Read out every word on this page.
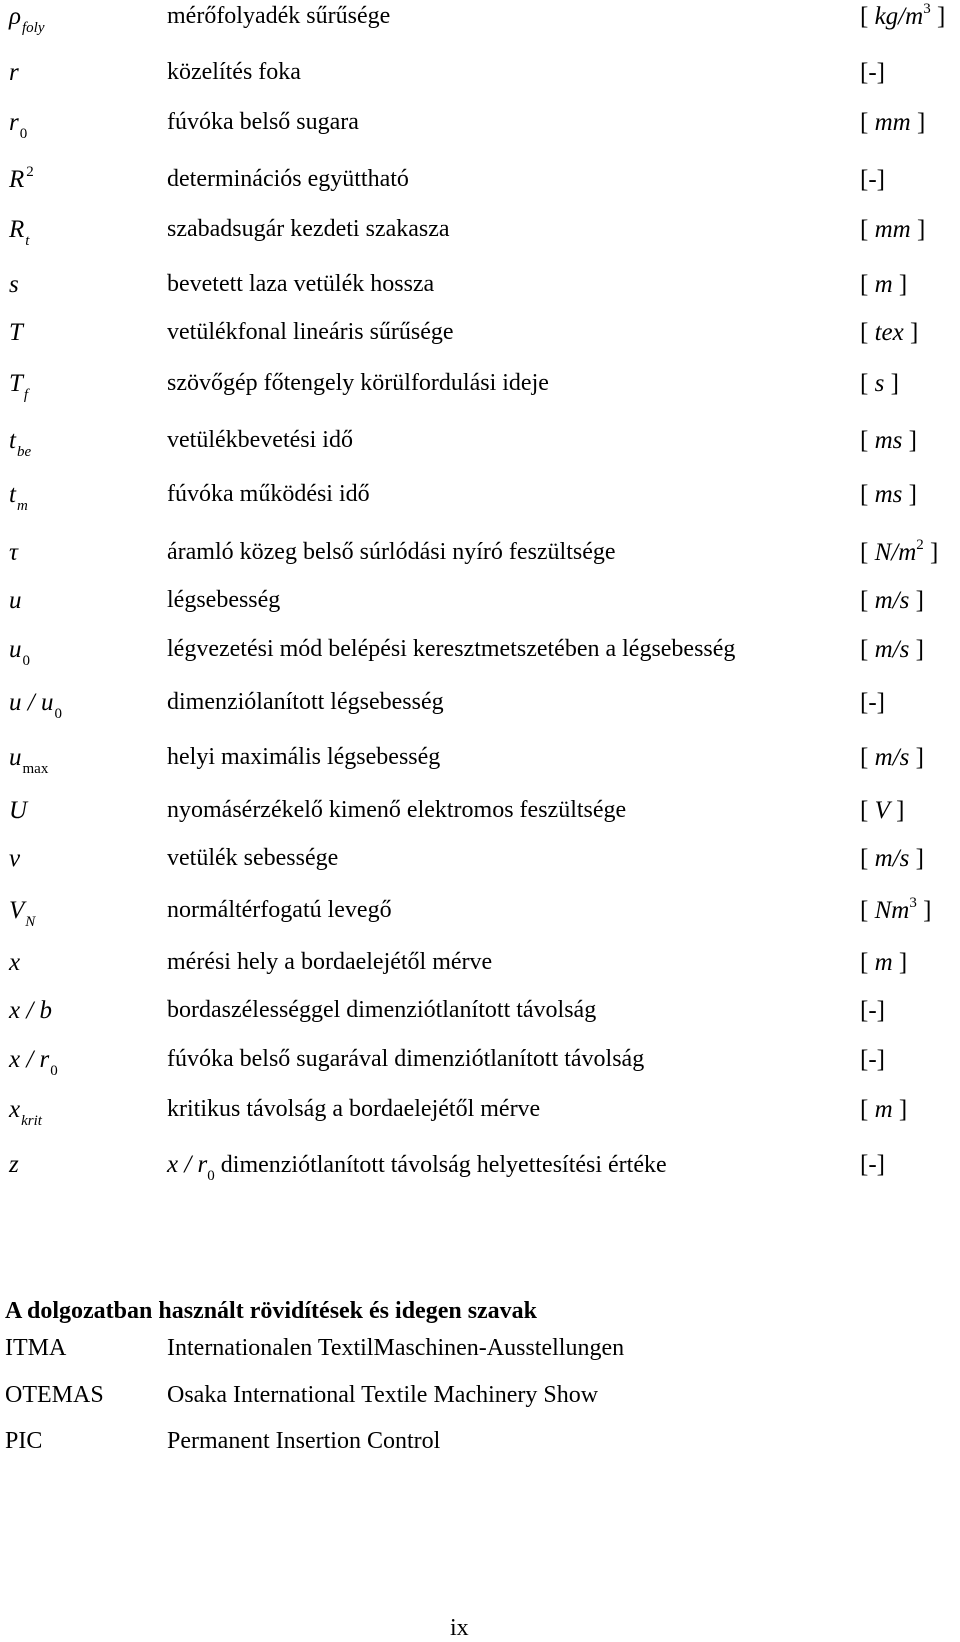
$\rho_{foly}$	mérőfolyadék sűrűsége	[ $kg/m^3$ ]
r	közelítés foka	[-]
$r_0$	fúvóka belső sugara	[ mm ]
R $^2$	determinációs együttható	[-]
$R_t$	szabadsugár kezdeti szakasza	[ mm ]
s	bevetett laza vetülék hossza	[ m ]
T	vetülékfonal lineáris sűrűsége	[ tex ]
$T_f$	szövőgép főtengely körülfordulási ideje	[ s ]
$t_{be}$	vetülékbevetési idő	[ ms ]
$t_m$	fúvóka működési idő	[ ms ]
τ	áramló közeg belső súrlódási nyíró feszültsége	[ $N/m^2$ ]
u	légsebesség	[ m/s ]
$u_0$	légvezetési mód belépési keresztmetszetében a légsebesség	[ m/s ]
u / $u_0$	dimenziólanított légsebesség	[-]
$u_{max}$	helyi maximális légsebesség	[ m/s ]
U	nyomásérzékelő kimenő elektromos feszültsége	[ V ]
v	vetülék sebessége	[ m/s ]
$V_N$	normáltérfogatú levegő	[ Nm$^3$ ]
x	mérési hely a bordaelejétől mérve	[ m ]
x / b	bordaszélességgel dimenziótlanított távolság	[-]
x / $r_0$	fúvóka belső sugarával dimenziótlanított távolság	[-]
$x_{krit}$	kritikus távolság a bordaelejétől mérve	[ m ]
z	x / $r_0$ dimenziótlanított távolság helyettesítési értéke	[-]
A dolgozatban használt rövidítések és idegen szavak
ITMA	Internationalen TextilMaschinen-Ausstellungen
OTEMAS	Osaka International Textile Machinery Show
PIC	Permanent Insertion Control
ix
